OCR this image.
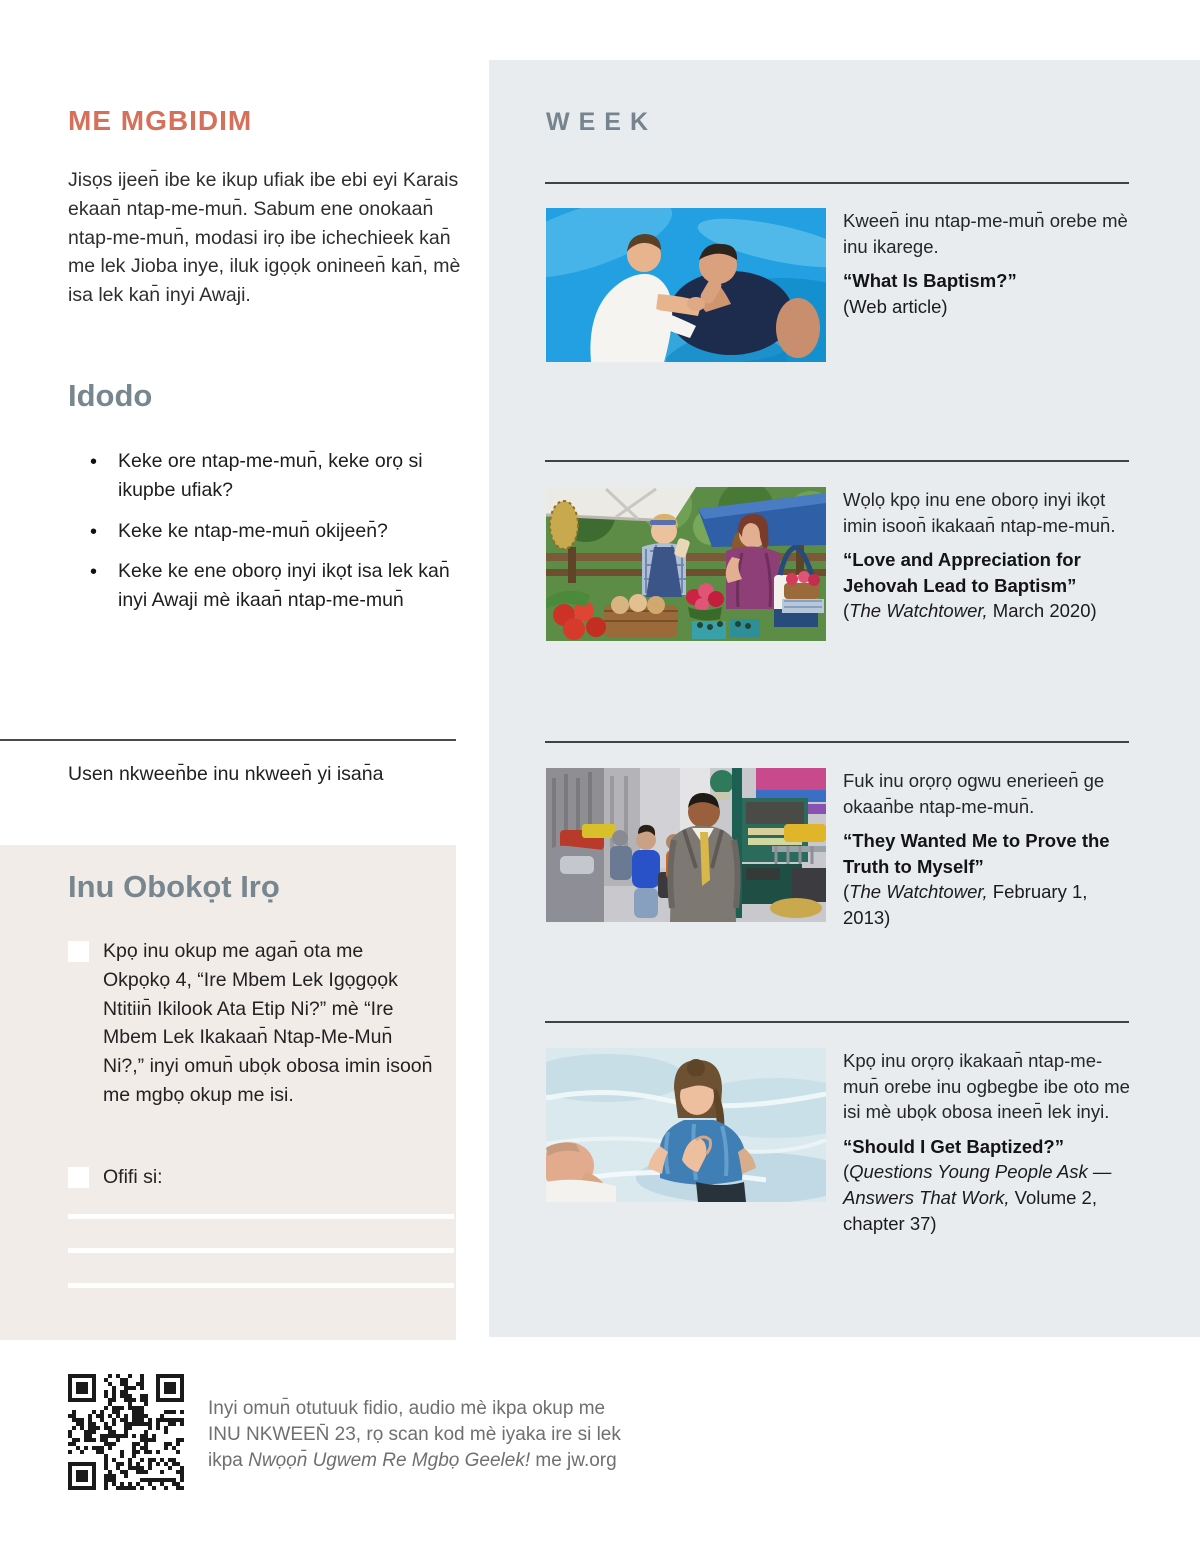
ME MGBIDIM
Jisọs ijeen̄ ibe ke ikup ufiak ibe ebi eyi Karais ekaan̄ ntap-me-mun̄. Sabum ene onokaan̄ ntap-me-mun̄, modasi irọ ibe ichechieek kan̄ me lek Jioba inye, iluk igọọk onineen̄ kan̄, mè isa lek kan̄ inyi Awaji.
Idodo
• Keke ore ntap-me-mun̄, keke orọ si ikupbe ufiak?
• Keke ke ntap-me-mun̄ okijeen̄?
• Keke ke ene oborọ inyi ikọt isa lek kan̄ inyi Awaji mè ikaan̄ ntap-me-mun̄
Usen nkween̄be inu nkween̄ yi isan̄a
Inu Obokọt Irọ
Kpọ inu okup me agan̄ ota me Okpọkọ 4, “Ire Mbem Lek Igọgọọk Ntitiin̄ Ikilook Ata Etip Ni?” mè “Ire Mbem Lek Ikakaan̄ Ntap-Me-Mun̄ Ni?,” inyi omun̄ ubọk obosa imin isoon̄ me mgbọ okup me isi.
Ofifi si:
Inyi omun̄ otutuuk fidio, audio mè ikpa okup me
INU NKWEEN̄ 23, rọ scan kod mè iyaka ire si lek
ikpa Nwọọn̄ Ugwem Re Mgbọ Geelek! me jw.org
WEEK
Kween̄ inu ntap-me-mun̄ orebe mè inu ikarege.
“What Is Baptism?”
(Web article)
Wọlọ kpọ inu ene oborọ inyi ikọt imin isoon̄ ikakaan̄ ntap-me-mun̄.
“Love and Appreciation for Jehovah Lead to Baptism”
(The Watchtower, March 2020)
Fuk inu orọrọ ogwu enerieen̄ ge okaan̄be ntap-me-mun̄.
“They Wanted Me to Prove the Truth to Myself”
(The Watchtower, February 1, 2013)
Kpọ inu orọrọ ikakaan̄ ntap-me-mun̄ orebe inu ogbegbe ibe oto me isi mè ubọk obosa ineen̄ lek inyi.
“Should I Get Baptized?”
(Questions Young People Ask —Answers That Work, Volume 2, chapter 37)
